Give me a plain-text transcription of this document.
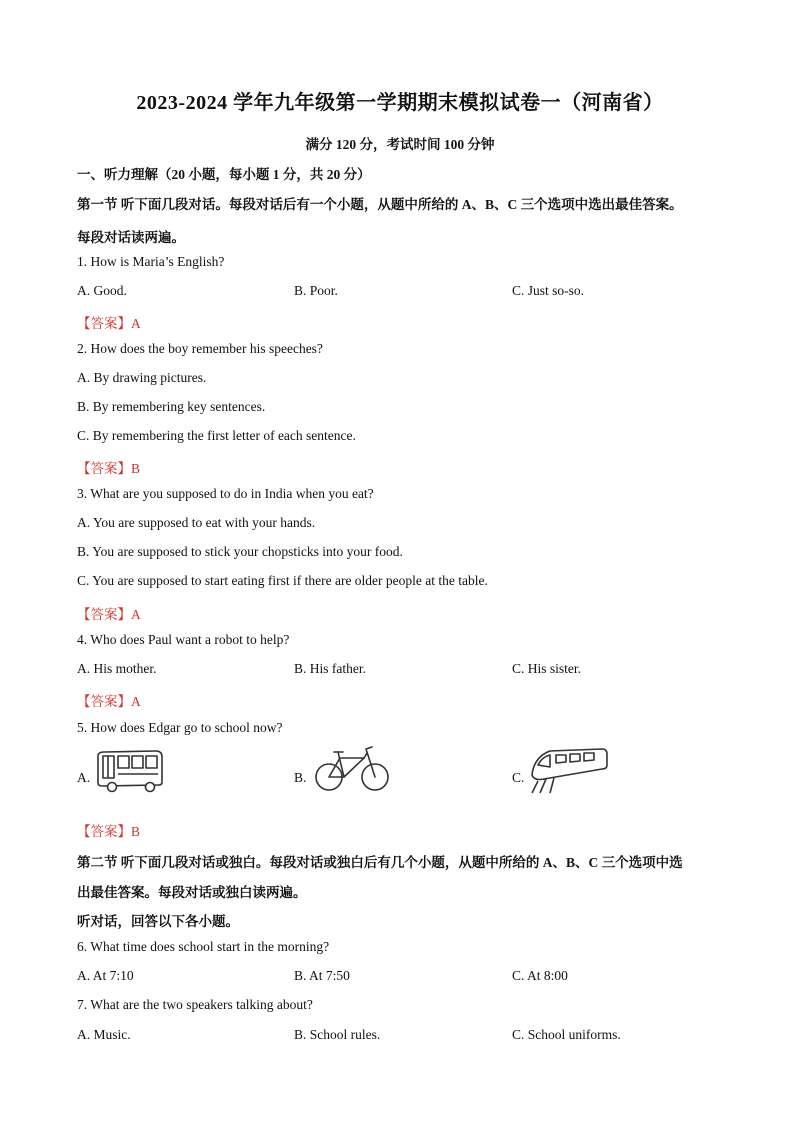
2023-2024 学年九年级第一学期期末模拟试卷一（河南省）
满分 120 分，考试时间 100 分钟
一、听力理解（20 小题，每小题 1 分，共 20 分）
第一节 听下面几段对话。每段对话后有一个小题，从题中所给的 A、B、C 三个选项中选出最佳答案。
每段对话读两遍。
1. How is Maria’s English?
A. Good.	B. Poor.	C. Just so-so.
【答案】A
2. How does the boy remember his speeches?
A. By drawing pictures.
B. By remembering key sentences.
C. By remembering the first letter of each sentence.
【答案】B
3. What are you supposed to do in India when you eat?
A. You are supposed to eat with your hands.
B. You are supposed to stick your chopsticks into your food.
C. You are supposed to start eating first if there are older people at the table.
【答案】A
4. Who does Paul want a robot to help?
A. His mother.	B. His father.	C. His sister.
【答案】A
5. How does Edgar go to school now?
A.	B.	C.
【答案】B
第二节 听下面几段对话或独白。每段对话或独白后有几个小题，从题中所给的 A、B、C 三个选项中选
出最佳答案。每段对话或独白读两遍。
听对话，回答以下各小题。
6. What time does school start in the morning?
A. At 7:10	B. At 7:50	C. At 8:00
7. What are the two speakers talking about?
A. Music.	B. School rules.	C. School uniforms.
